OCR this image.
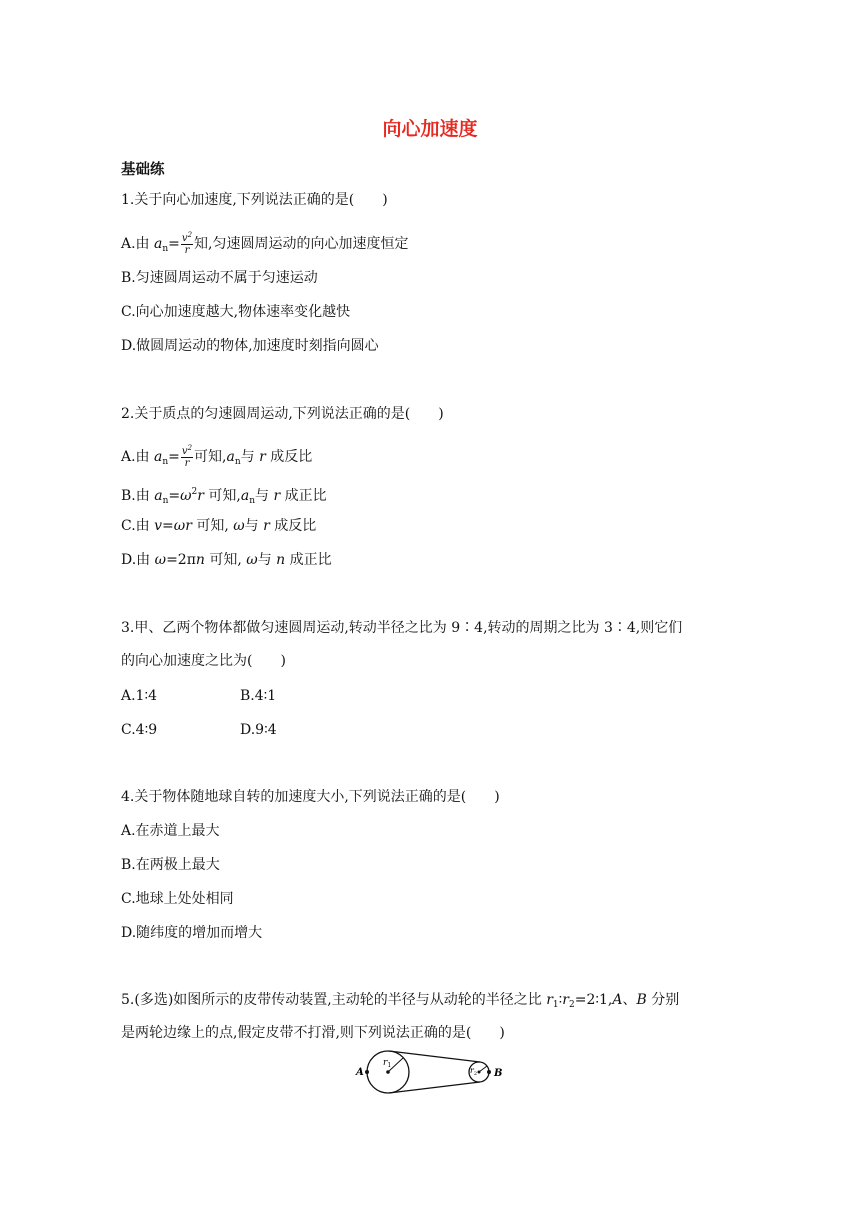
向心加速度
基础练
1.关于向心加速度,下列说法正确的是(　　)
A.由 $a_n= \frac{v^2}{r}$ 知,匀速圆周运动的向心加速度恒定
B.匀速圆周运动不属于匀速运动
C.向心加速度越大,物体速率变化越快
D.做圆周运动的物体,加速度时刻指向圆心
2.关于质点的匀速圆周运动,下列说法正确的是(　　)
A.由 $a_n= \frac{v^2}{r}$ 可知$,a_n$与 r 成反比
B.由 $a_n=\omega^2r$ 可知$,a_n$与 r 成正比
C.由 v=ωr 可知, ω与 r 成反比
D.由 ω=2πn 可知, ω与 n 成正比
3.甲、乙两个物体都做匀速圆周运动,转动半径之比为 9∶4,转动的周期之比为 3∶4,则它们
的向心加速度之比为(　　)
A.1∶4	B.4∶1
C.4∶9	D.9∶4
4.关于物体随地球自转的加速度大小,下列说法正确的是(　　)
A.在赤道上最大
B.在两极上最大
C.地球上处处相同
D.随纬度的增加而增大
5.(多选)如图所示的皮带传动装置,主动轮的半径与从动轮的半径之比 $r_1∶r_2=2∶1,A$、B 分别
是两轮边缘上的点,假定皮带不打滑,则下列说法正确的是(　　)
A	B
$r_1$
$r_2$
